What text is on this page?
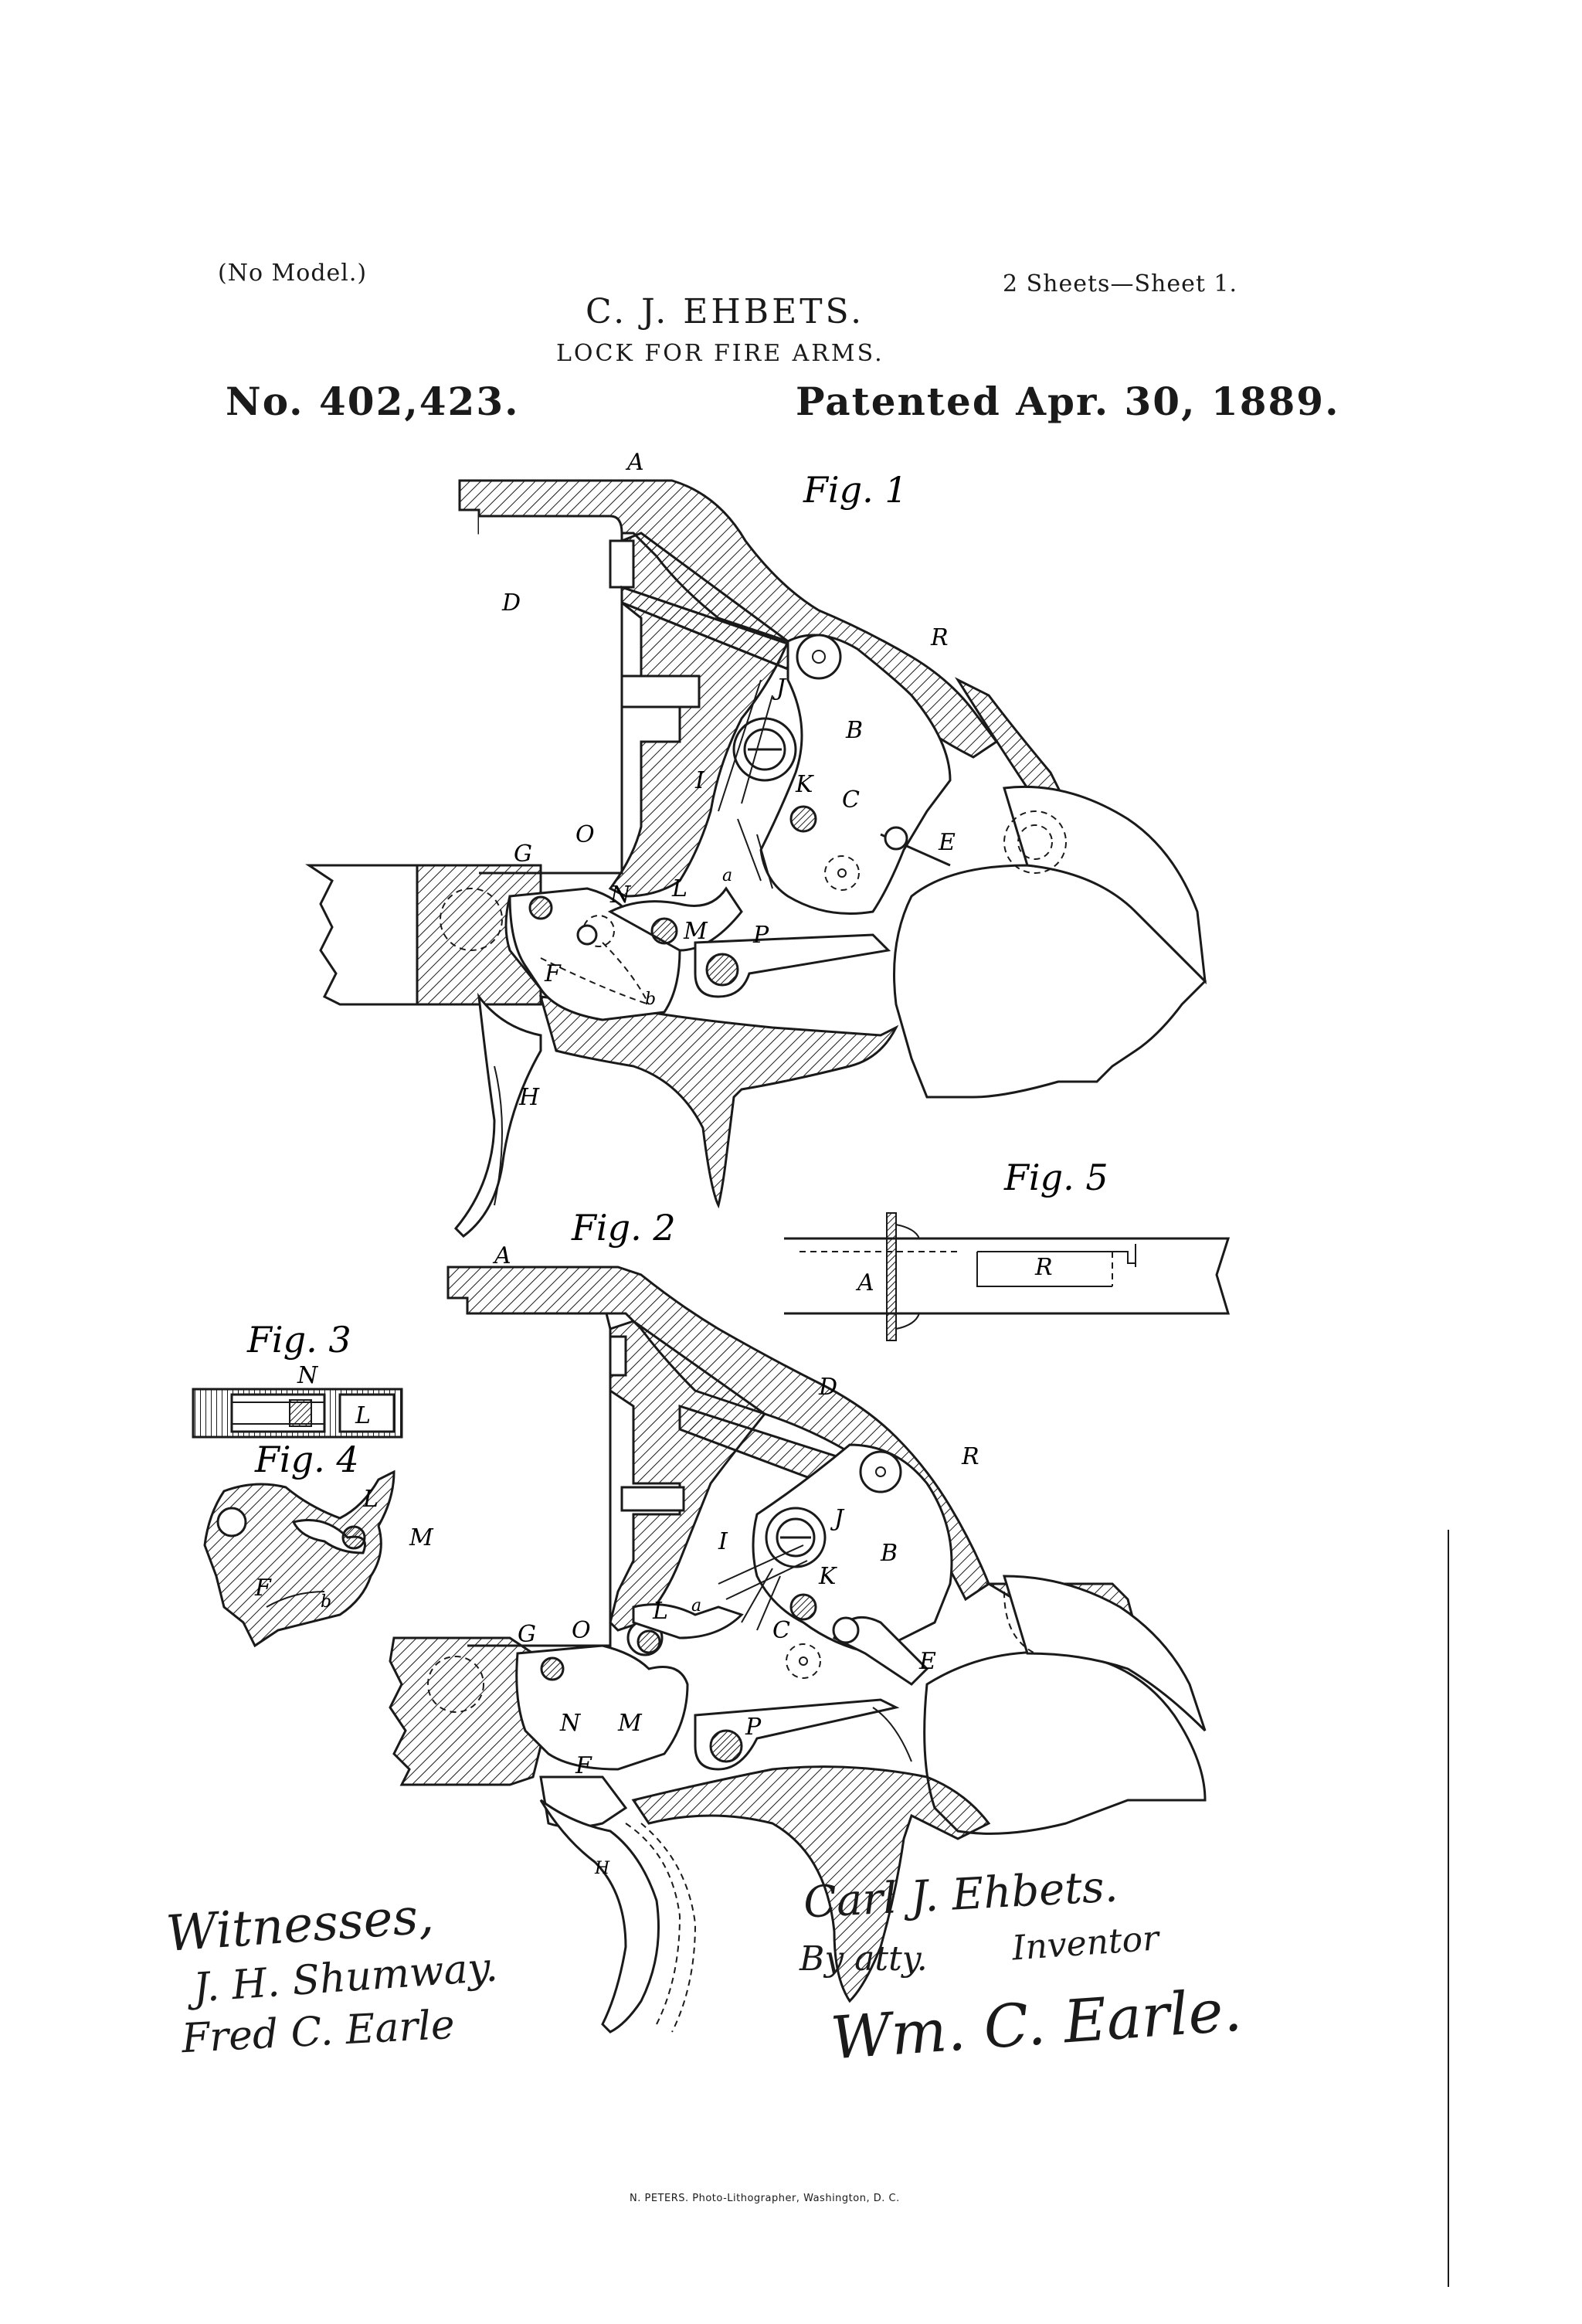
(No Model.)	2 Sheets—Sheet 1.
C. J. EHBETS.
LOCK FOR FIRE ARMS.
No. 402,423.	Patented Apr. 30, 1889.
Fig. 1
A
D
R
J
B
I	K
C
E
G
O
N L a
M P
F
b
H
Fig. 5
A
R
Fig. 3
N
L
Fig. 4
L
M
F
b
Fig. 2
A
D
R
J
B
I
K
C
E
G O
L a
N M
F
P
H
Witnesses,
J. H. Shumway.
Fred C. Earle
Carl J. Ehbets.
By atty. Inventor
Wm. C. Earle.
N. PETERS. Photo-Lithographer, Washington, D. C.
